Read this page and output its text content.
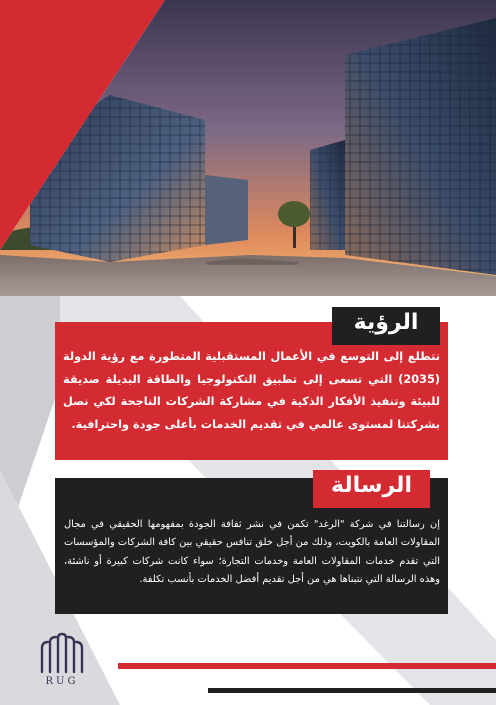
نتطلع إلى التوسع في الأعمال المستقبلية المتطورة مع رؤية الدولة (2035) التي تسعى إلى تطبيق التكنولوجيا والطاقة البديلة صديقة للبيئة وتنفيذ الأفكار الذكية في مشاركة الشركات الناجحة لكي نصل بشركتنا لمستوى عالمي في تقديم الخدمات بأعلى جودة واحترافية.

الرؤية

إن رسالتنا في شركة "الرغد" تكمن في نشر ثقافة الجودة بمفهومها الحقيقي في مجال المقاولات العامة بالكويت، وذلك من أجل خلق تنافس حقيقي بين كافة الشركات والمؤسسات التي تقدم خدمات المقاولات العامة وخدمات التجارة؛ سواء كانت شركات كبيرة أو ناشئة، وهذه الرسالة التي نتبناها هي من أجل تقديم أفضل الخدمات بأنسب تكلفة.

الرسالة
RUG
